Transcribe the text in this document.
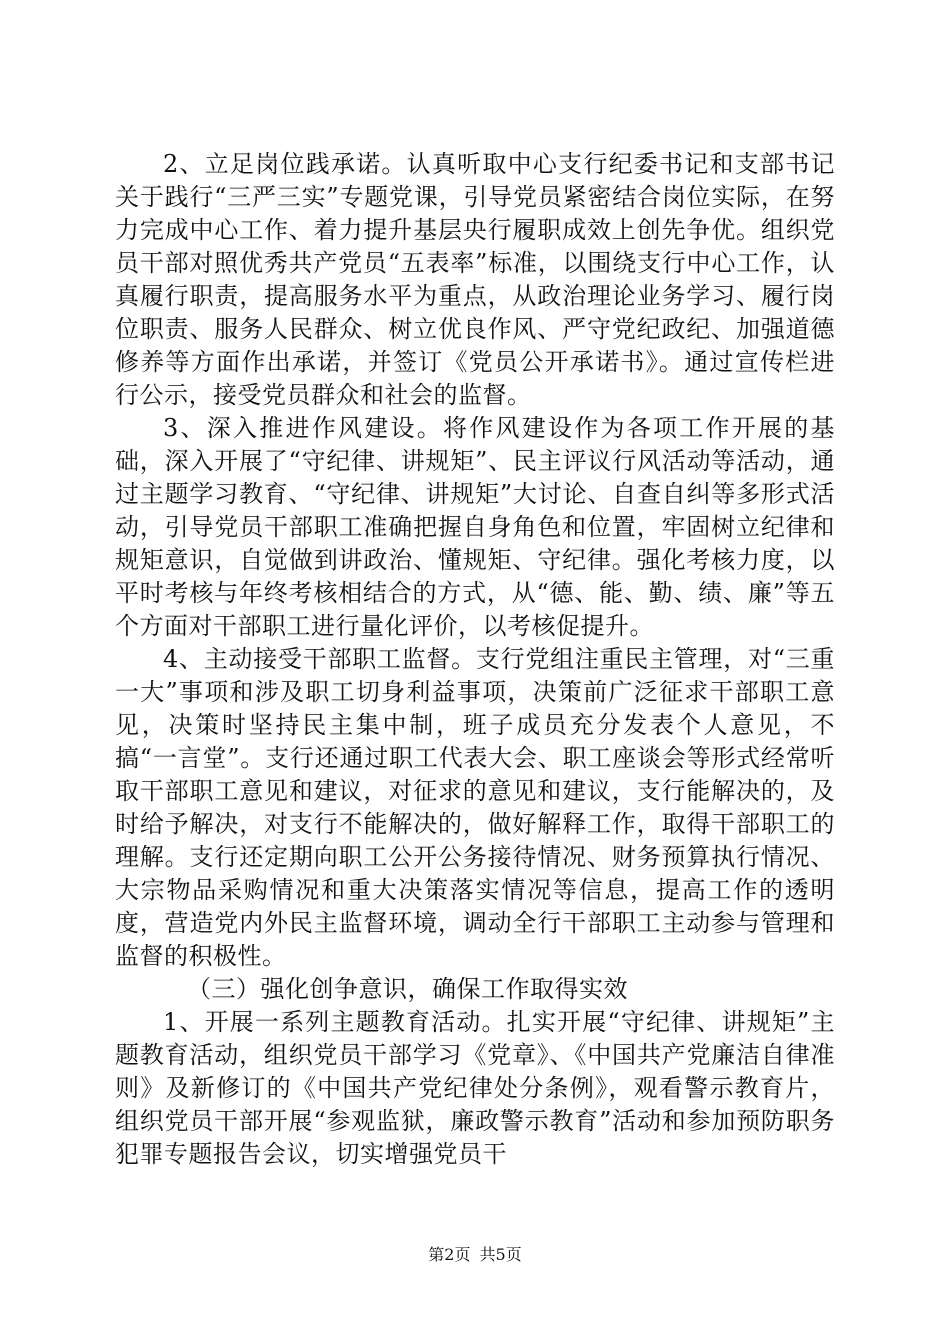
2、立足岗位践承诺。认真听取中心支行纪委书记和支部书记关于践行“三严三实”专题党课，引导党员紧密结合岗位实际，在努力完成中心工作、着力提升基层央行履职成效上创先争优。组织党员干部对照优秀共产党员“五表率”标准，以围绕支行中心工作，认真履行职责，提高服务水平为重点，从政治理论业务学习、履行岗位职责、服务人民群众、树立优良作风、严守党纪政纪、加强道德修养等方面作出承诺，并签订《党员公开承诺书》。通过宣传栏进行公示，接受党员群众和社会的监督。

3、深入推进作风建设。将作风建设作为各项工作开展的基础，深入开展了“守纪律、讲规矩”、民主评议行风活动等活动，通过主题学习教育、“守纪律、讲规矩”大讨论、自查自纠等多形式活动，引导党员干部职工准确把握自身角色和位置，牢固树立纪律和规矩意识，自觉做到讲政治、懂规矩、守纪律。强化考核力度，以平时考核与年终考核相结合的方式，从“德、能、勤、绩、廉”等五个方面对干部职工进行量化评价，以考核促提升。

4、主动接受干部职工监督。支行党组注重民主管理，对“三重一大”事项和涉及职工切身利益事项，决策前广泛征求干部职工意见，决策时坚持民主集中制，班子成员充分发表个人意见，不搞“一言堂”。支行还通过职工代表大会、职工座谈会等形式经常听取干部职工意见和建议，对征求的意见和建议，支行能解决的，及时给予解决，对支行不能解决的，做好解释工作，取得干部职工的理解。支行还定期向职工公开公务接待情况、财务预算执行情况、大宗物品采购情况和重大决策落实情况等信息，提高工作的透明度，营造党内外民主监督环境，调动全行干部职工主动参与管理和监督的积极性。

（三）强化创争意识，确保工作取得实效

1、开展一系列主题教育活动。扎实开展“守纪律、讲规矩”主题教育活动，组织党员干部学习《党章》、《中国共产党廉洁自律准则》及新修订的《中国共产党纪律处分条例》，观看警示教育片，组织党员干部开展“参观监狱，廉政警示教育”活动和参加预防职务犯罪专题报告会议，切实增强党员干

第2页 共5页
